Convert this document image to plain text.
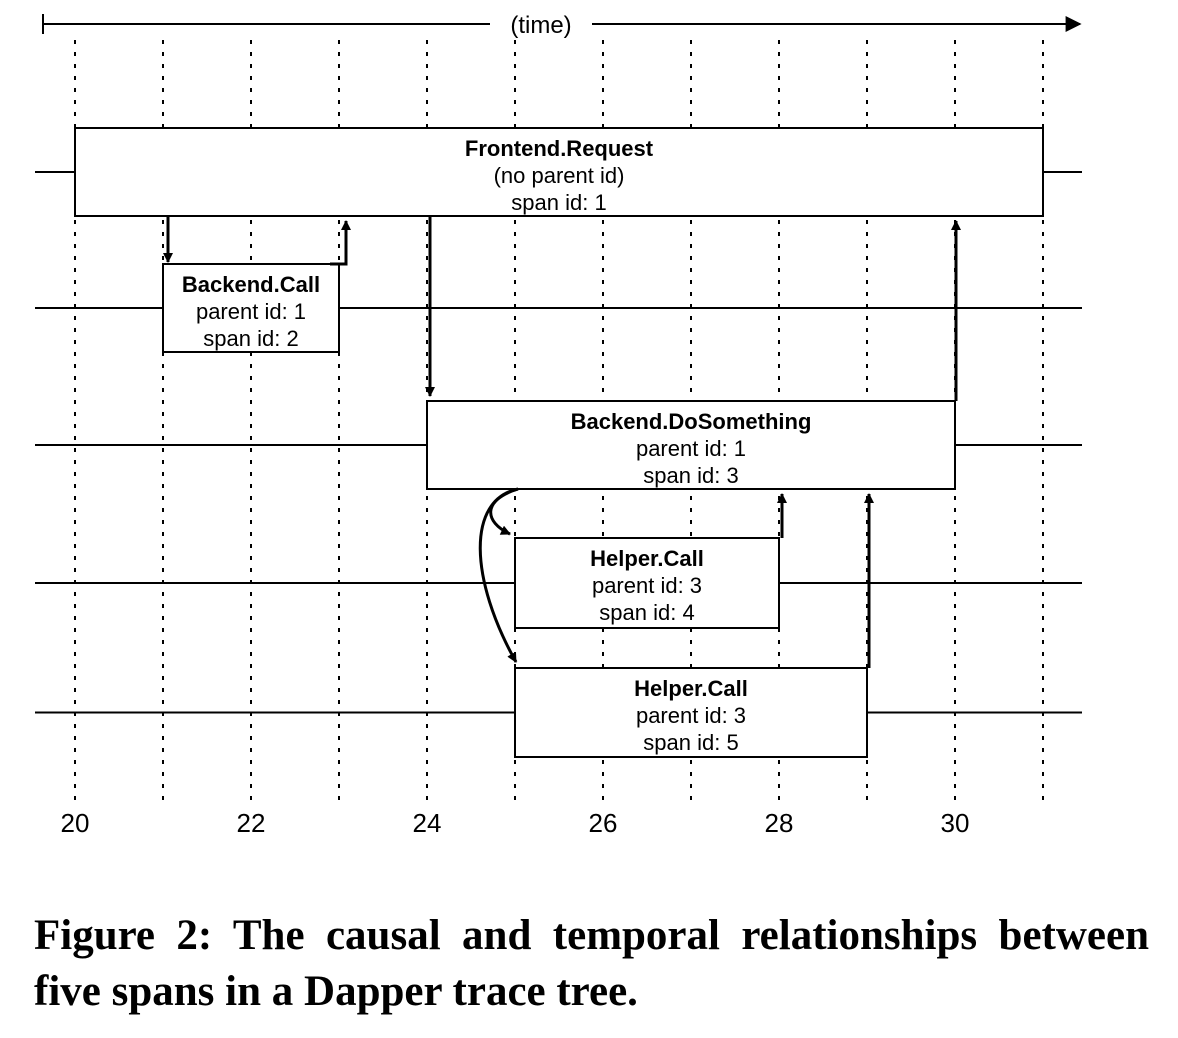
(time)
Frontend.Request
(no parent id)
span id: 1
Backend.Call
parent id: 1
span id: 2
Backend.DoSomething
parent id: 1
span id: 3
Helper.Call
parent id: 3
span id: 4
Helper.Call
parent id: 3
span id: 5
20	22	24	26	28	30

Figure 2: The causal and temporal relationships between five spans in a Dapper trace tree.
